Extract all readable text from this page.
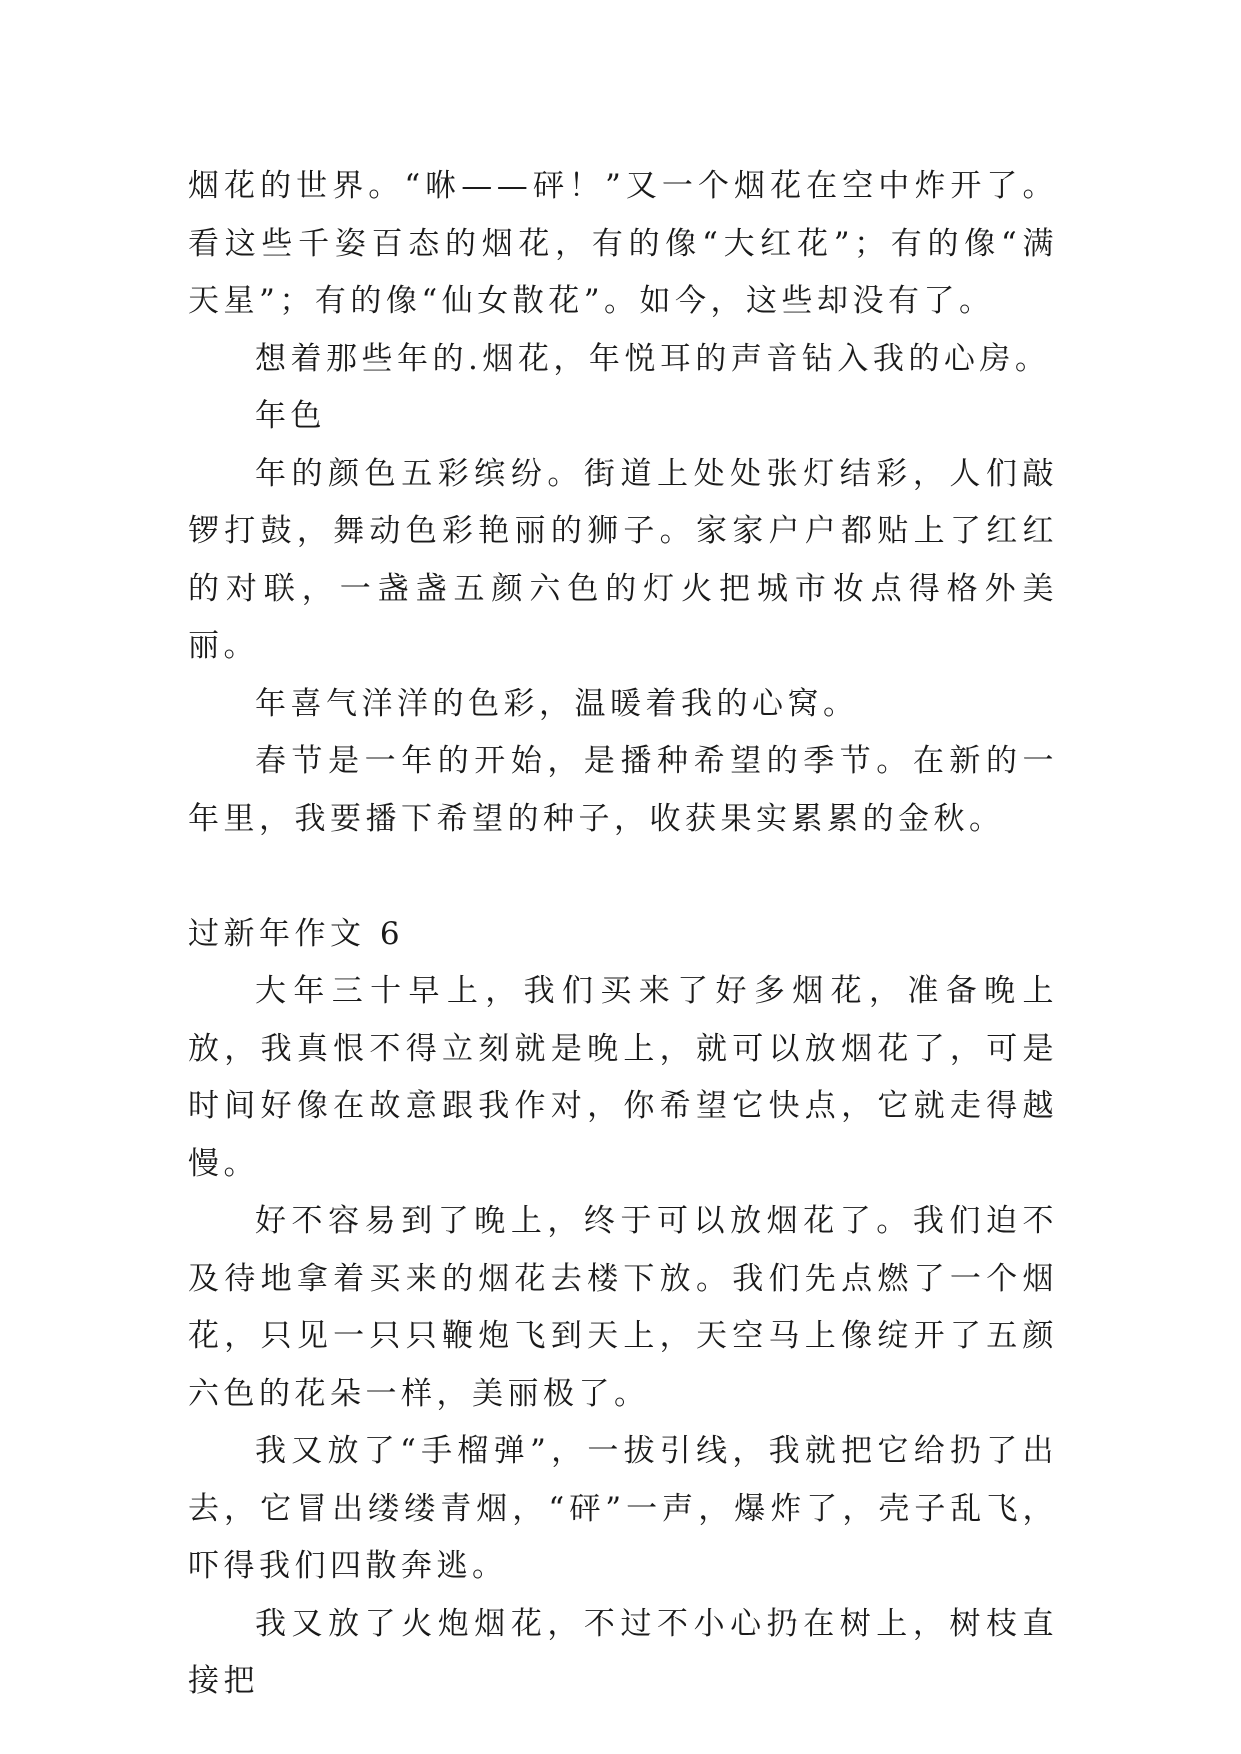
烟花的世界。“咻——砰！”又一个烟花在空中炸开了。看这些千姿百态的烟花，有的像“大红花”；有的像“满天星”；有的像“仙女散花”。如今，这些却没有了。

想着那些年的.烟花，年悦耳的声音钻入我的心房。

年色

年的颜色五彩缤纷。街道上处处张灯结彩，人们敲锣打鼓，舞动色彩艳丽的狮子。家家户户都贴上了红红的对联，一盏盏五颜六色的灯火把城市妆点得格外美丽。

年喜气洋洋的色彩，温暖着我的心窝。

春节是一年的开始，是播种希望的季节。在新的一年里，我要播下希望的种子，收获果实累累的金秋。

过新年作文 6

大年三十早上，我们买来了好多烟花，准备晚上放，我真恨不得立刻就是晚上，就可以放烟花了，可是时间好像在故意跟我作对，你希望它快点，它就走得越慢。

好不容易到了晚上，终于可以放烟花了。我们迫不及待地拿着买来的烟花去楼下放。我们先点燃了一个烟花，只见一只只鞭炮飞到天上，天空马上像绽开了五颜六色的花朵一样，美丽极了。

我又放了“手榴弹”，一拔引线，我就把它给扔了出去，它冒出缕缕青烟，“砰”一声，爆炸了，壳子乱飞，吓得我们四散奔逃。

我又放了火炮烟花，不过不小心扔在树上，树枝直接把
